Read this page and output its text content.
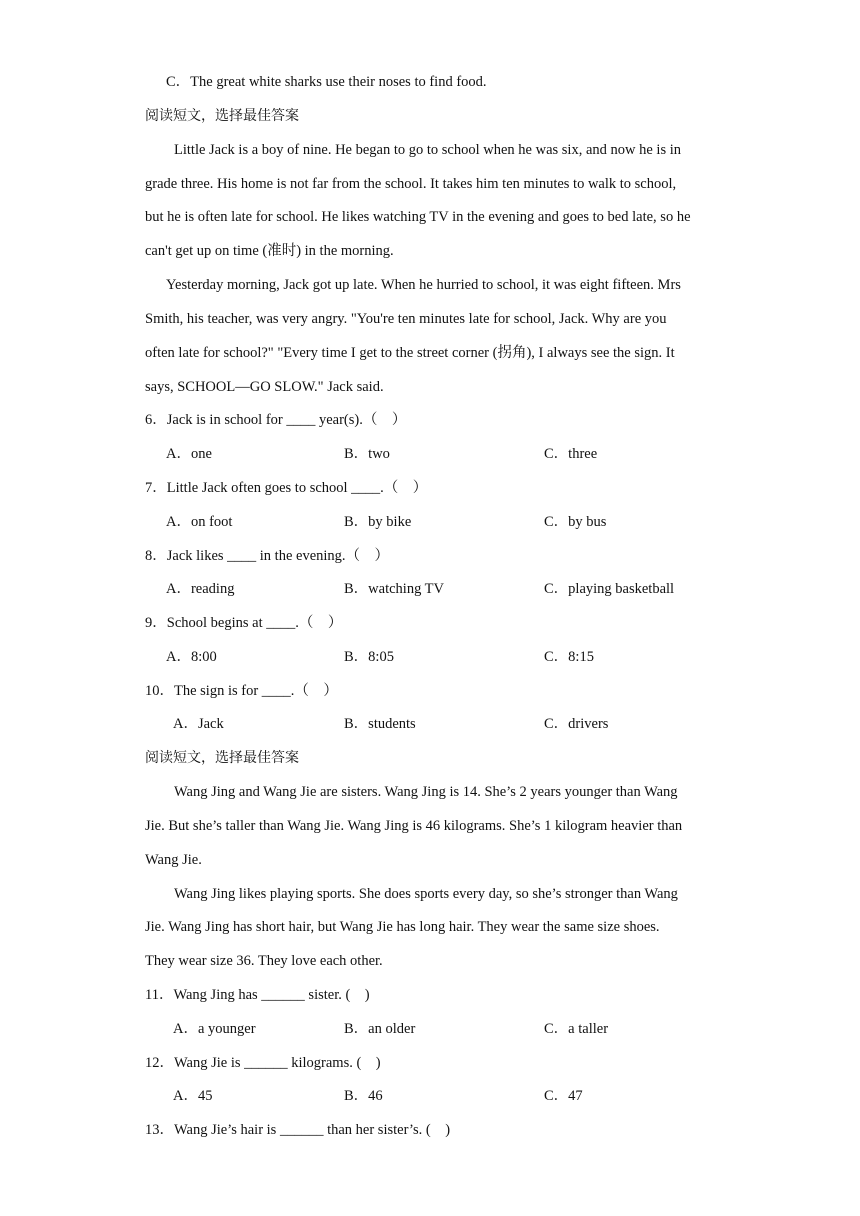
C．The great white sharks use their noses to find food.
阅读短文，选择最佳答案
Little Jack is a boy of nine. He began to go to school when he was six, and now he is in
grade three. His home is not far from the school. It takes him ten minutes to walk to school,
but he is often late for school. He likes watching TV in the evening and goes to bed late, so he
can't get up on time (准时) in the morning.
Yesterday morning, Jack got up late. When he hurried to school, it was eight fifteen. Mrs
Smith, his teacher, was very angry. "You're ten minutes late for school, Jack. Why are you
often late for school?" "Every time I get to the street corner (拐角), I always see the sign. It
says, SCHOOL—GO SLOW." Jack said.
6．Jack is in school for ____ year(s).（　）
A．one	B．two	C．three
7．Little Jack often goes to school ____.（　）
A．on foot	B．by bike	C．by bus
8．Jack likes ____ in the evening.（　）
A．reading	B．watching TV	C．playing basketball
9．School begins at ____.（　）
A．8:00	B．8:05	C．8:15
10．The sign is for ____.（　）
A．Jack	B．students	C．drivers
阅读短文，选择最佳答案
Wang Jing and Wang Jie are sisters. Wang Jing is 14. She’s 2 years younger than Wang
Jie. But she’s taller than Wang Jie. Wang Jing is 46 kilograms. She’s 1 kilogram heavier than
Wang Jie.
Wang Jing likes playing sports. She does sports every day, so she’s stronger than Wang
Jie. Wang Jing has short hair, but Wang Jie has long hair. They wear the same size shoes.
They wear size 36. They love each other.
11．Wang Jing has ______ sister. (　)
A．a younger	B．an older	C．a taller
12．Wang Jie is ______ kilograms. (　)
A．45	B．46	C．47
13．Wang Jie’s hair is ______ than her sister’s. (　)
